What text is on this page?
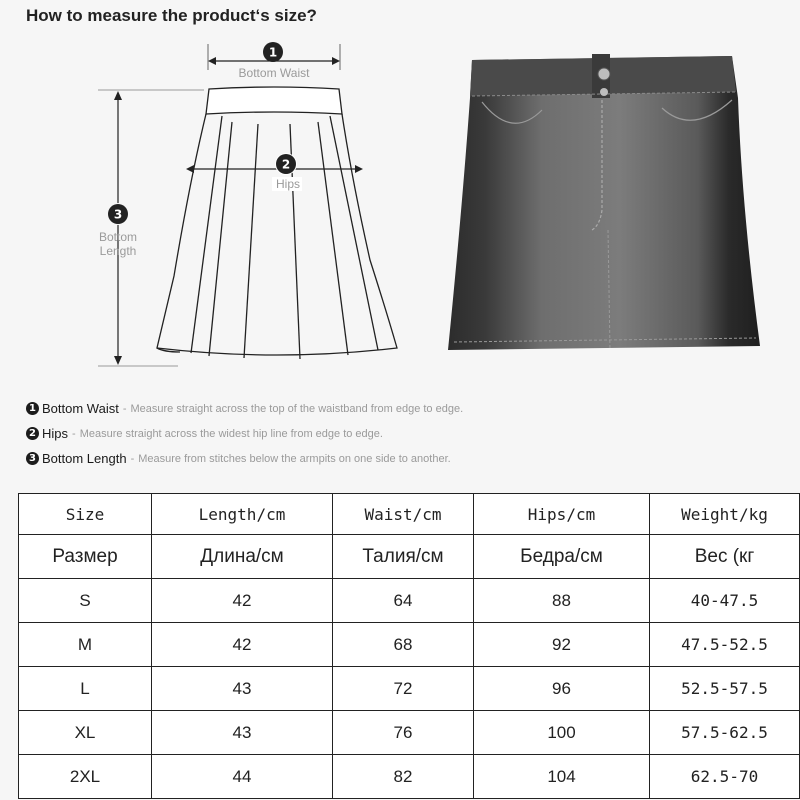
How to measure the product‘s size?
1
Bottom Waist
2
Hips
3
Bottom
Length
1 Bottom Waist - Measure straight across the top of the waistband from edge to edge.
2 Hips - Measure straight across the widest hip line from edge to edge.
3 Bottom Length - Measure from stitches below the armpits on one side to another.
Size	Length/cm	Waist/cm	Hips/cm	Weight/kg
Размер	Длина/см	Талия/см	Бедра/см	Вес (кг
S	42	64	88	40-47.5
M	42	68	92	47.5-52.5
L	43	72	96	52.5-57.5
XL	43	76	100	57.5-62.5
2XL	44	82	104	62.5-70
